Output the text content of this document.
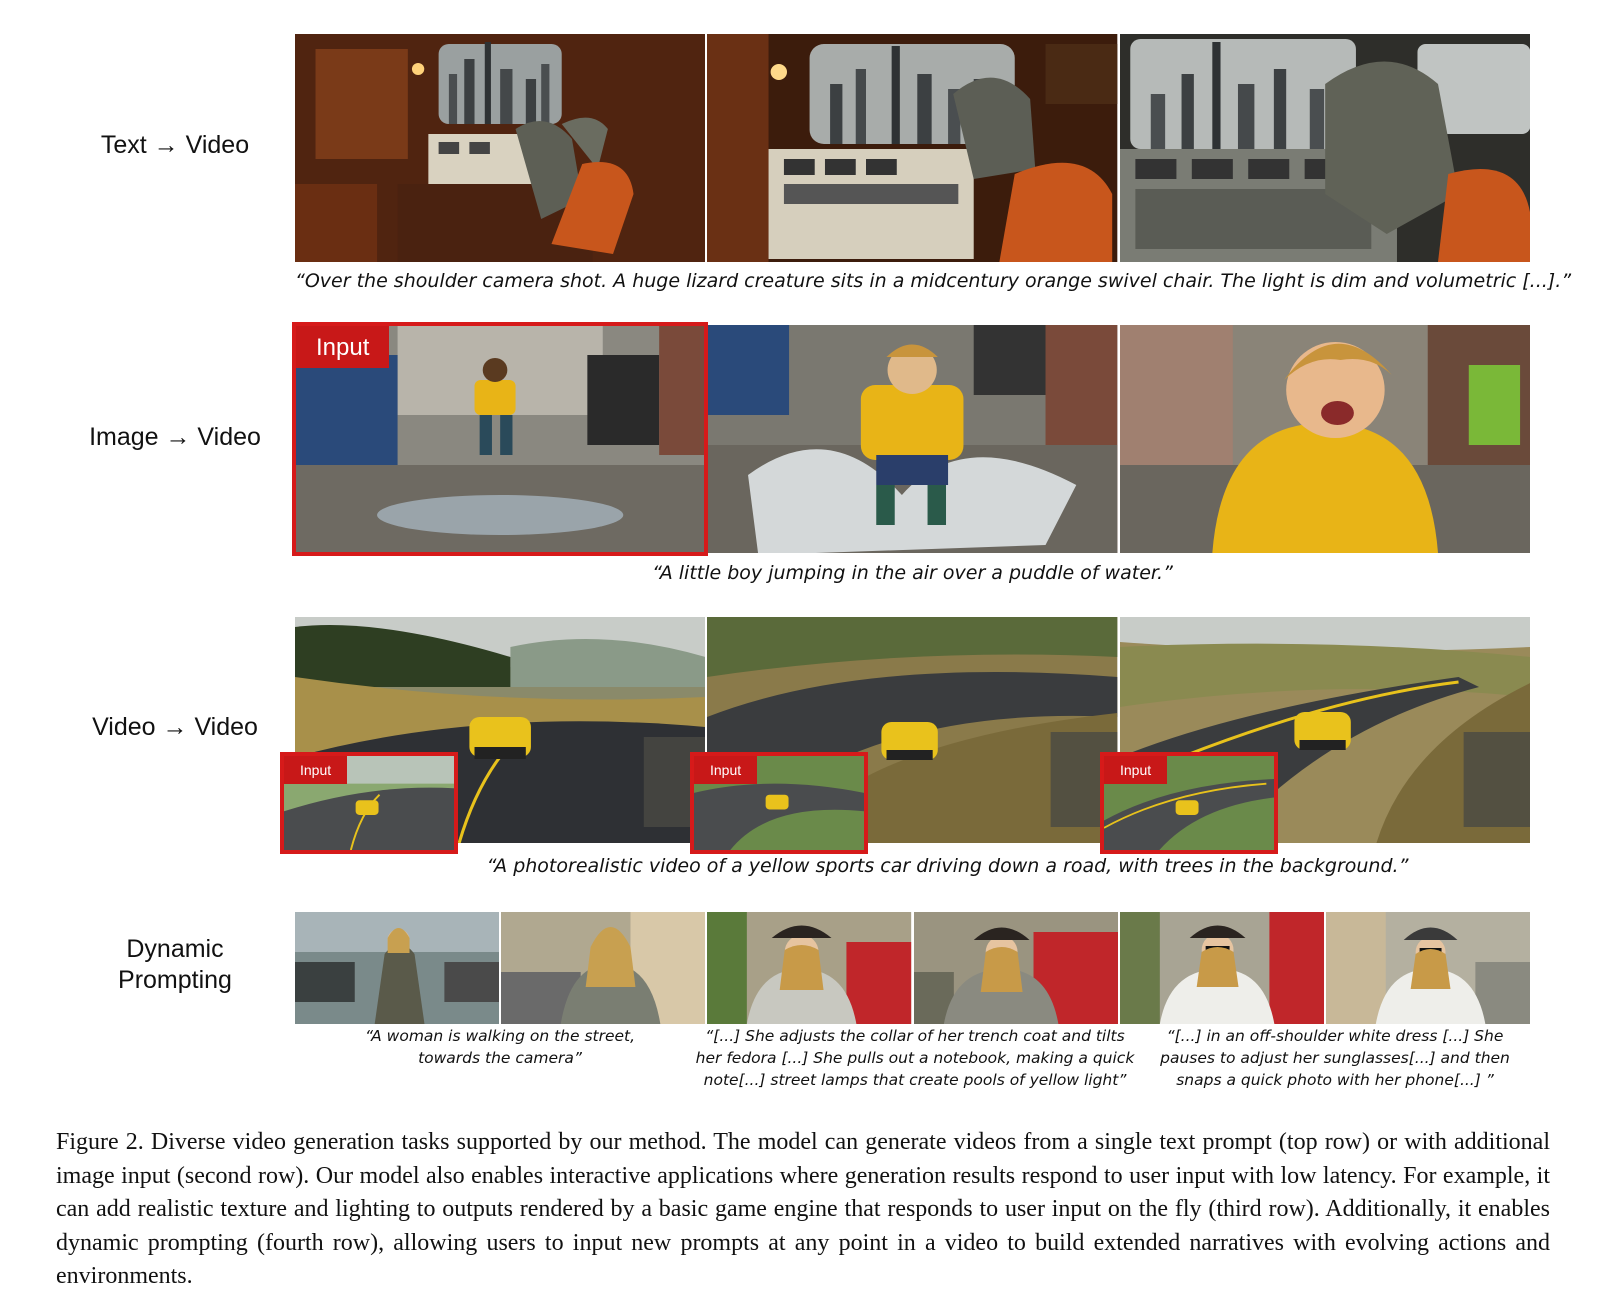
Text → Video
“Over the shoulder camera shot. A huge lizard creature sits in a midcentury orange swivel chair. The light is dim and volumetric [...].”
Image → Video
Input
“A little boy jumping in the air over a puddle of water.”
Video → Video
Input	Input	Input
“A photorealistic video of a yellow sports car driving down a road, with trees in the background.”
Dynamic
Prompting
“A woman is walking on the street,
towards the camera”
“[...] She adjusts the collar of her trench coat and tilts
her fedora [...] She pulls out a notebook, making a quick
note[...] street lamps that create pools of yellow light”
“[...] in an off-shoulder white dress [...] She
pauses to adjust her sunglasses[...] and then
snaps a quick photo with her phone[...] ”
Figure 2. Diverse video generation tasks supported by our method. The model can generate videos from a single text prompt (top row) or with additional image input (second row). Our model also enables interactive applications where generation results respond to user input with low latency. For example, it can add realistic texture and lighting to outputs rendered by a basic game engine that responds to user input on the fly (third row). Additionally, it enables dynamic prompting (fourth row), allowing users to input new prompts at any point in a video to build extended narratives with evolving actions and environments.
